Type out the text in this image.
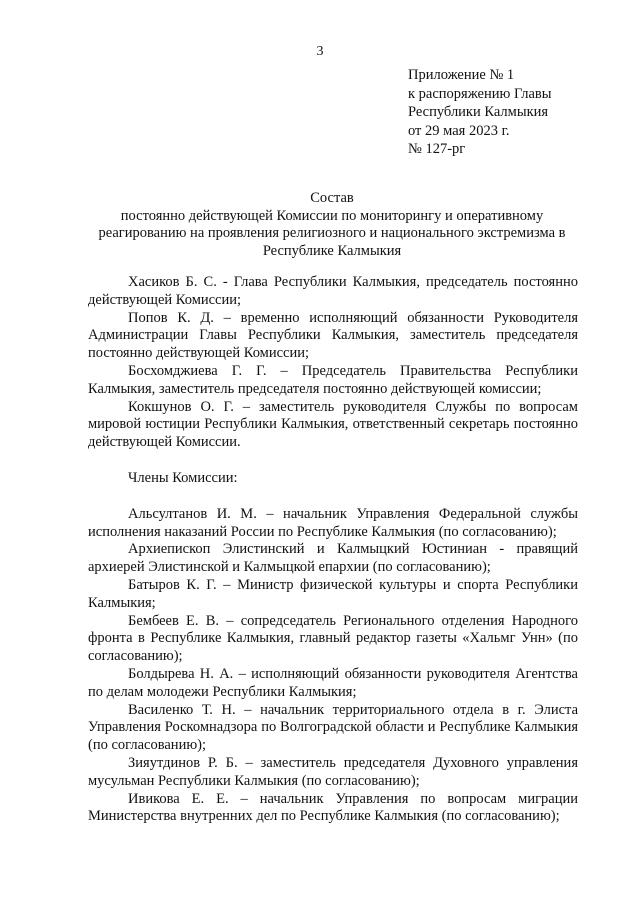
3
Приложение № 1
к распоряжению Главы
Республики Калмыкия
от 29 мая 2023 г.
№ 127-рг
Состав
постоянно действующей Комиссии по мониторингу и оперативному реагированию на проявления религиозного и национального экстремизма в Республике Калмыкия

Хасиков Б. С. - Глава Республики Калмыкия, председатель постоянно действующей Комиссии;

Попов К. Д. – временно исполняющий обязанности Руководителя Администрации Главы Республики Калмыкия, заместитель председателя постоянно действующей Комиссии;

Босхомджиева Г. Г. – Председатель Правительства Республики Калмыкия, заместитель председателя постоянно действующей комиссии;

Кокшунов О. Г. – заместитель руководителя Службы по вопросам мировой юстиции Республики Калмыкия, ответственный секретарь постоянно действующей Комиссии.

Члены Комиссии:

Альсултанов И. М. – начальник Управления Федеральной службы исполнения наказаний России по Республике Калмыкия (по согласованию);

Архиепископ Элистинский и Калмыцкий Юстиниан - правящий архиерей Элистинской и Калмыцкой епархии (по согласованию);

Батыров К. Г. – Министр физической культуры и спорта Республики Калмыкия;

Бембеев Е. В. – сопредседатель Регионального отделения Народного фронта в Республике Калмыкия, главный редактор газеты «Хальмг Унн» (по согласованию);

Болдырева Н. А. – исполняющий обязанности руководителя Агентства по делам молодежи Республики Калмыкия;

Василенко Т. Н. – начальник территориального отдела в г. Элиста Управления Роскомнадзора по Волгоградской области и Республике Калмыкия (по согласованию);

Зияутдинов Р. Б. – заместитель председателя Духовного управления мусульман Республики Калмыкия (по согласованию);

Ивикова Е. Е. – начальник Управления по вопросам миграции Министерства внутренних дел по Республике Калмыкия (по согласованию);
